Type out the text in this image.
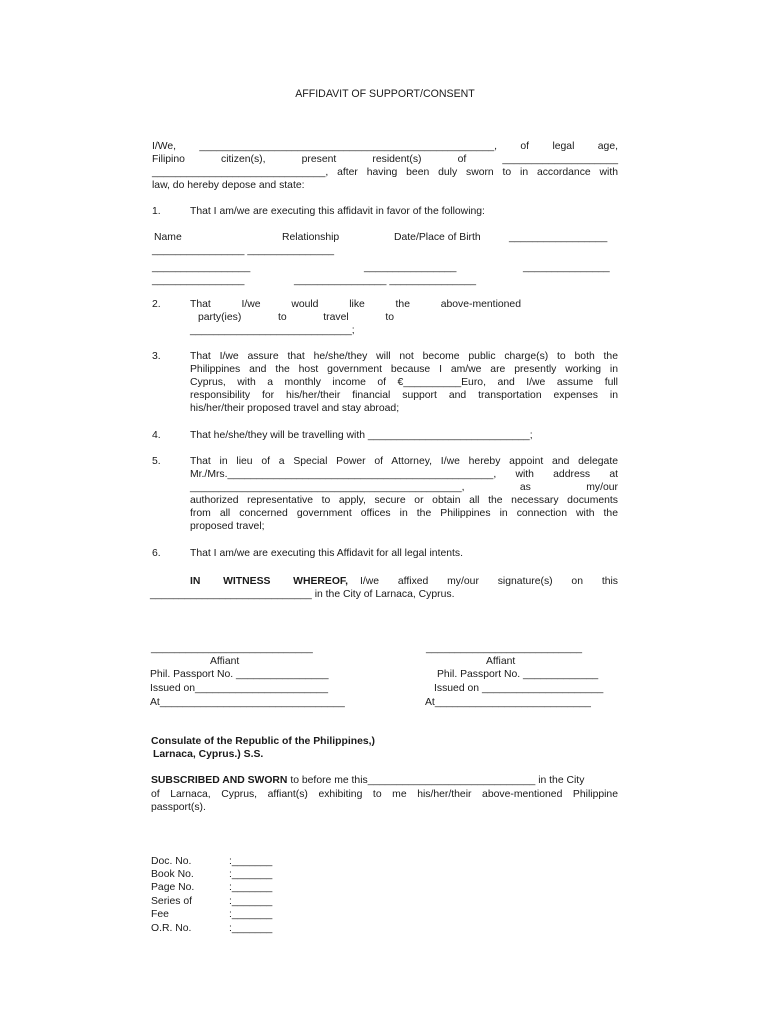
AFFIDAVIT OF SUPPORT/CONSENT
I/We, ___________________________________________________, of legal age,
Filipino citizen(s), present resident(s) of ____________________
______________________________, after having been duly sworn to in accordance with
law, do hereby depose and state:
1.	That I am/we are executing this affidavit in favor of the following:
Name	Relationship	Date/Place of Birth	_________________
________________ _______________
_________________	________________	_______________
________________	________________ _______________
2.	That I/we would like the above-mentioned
party(ies) to travel to
____________________________;
3.	That I/we assure that he/she/they will not become public charge(s) to both the
Philippines and the host government because I am/we are presently working in
Cyprus, with a monthly income of €__________Euro, and I/we assume full
responsibility for his/her/their financial support and transportation expenses in
his/her/their proposed travel and stay abroad;
4.	That he/she/they will be travelling with ____________________________;
5.	That in lieu of a Special Power of Attorney, I/we hereby appoint and delegate
Mr./Mrs.______________________________________________, with address at
_______________________________________________, as my/our
authorized representative to apply, secure or obtain all the necessary documents
from all concerned government offices in the Philippines in connection with the
proposed travel;
6.	That I am/we are executing this Affidavit for all legal intents.
IN WITNESS WHEREOF, I/we affixed my/our signature(s) on this
____________________________ in the City of Larnaca, Cyprus.
____________________________
Affiant
Phil. Passport No. ________________
Issued on_______________________
At________________________________
___________________________
Affiant
Phil. Passport No. _____________
Issued on _____________________
At___________________________
Consulate of the Republic of the Philippines,)
Larnaca, Cyprus.) S.S.
SUBSCRIBED AND SWORN to before me this_____________________________ in the City
of Larnaca, Cyprus, affiant(s) exhibiting to me his/her/their above-mentioned Philippine
passport(s).
Doc. No.	:_______
Book No.	:_______
Page No.	:_______
Series of	:_______
Fee	:_______
O.R. No.	:_______
